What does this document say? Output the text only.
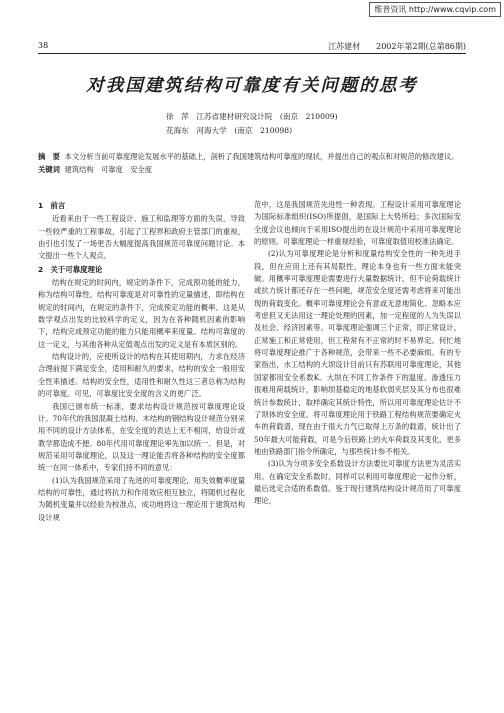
维普资讯 http://www.cqvip.com
38	江苏建材　　2002年第2期(总第86期)
对我国建筑结构可靠度有关问题的思考
徐　萍　江苏省建材研究设计院　(南京　210009)
花海东　河海大学　(南京　210098)
摘　要 本文分析当前可靠度理论发展水平的基础上，剖析了我国建筑结构可靠度的现状，并提出自己的观点和对规范的修改建议。
关键词 建筑结构　可靠度　安全度
1　前言

近看来由于一些工程设计、施工和监理等方面的失误，导致一些较严重的工程事故，引起了工程界和政府主管部门的重视，由引也引发了一场更否大幅度提高我国规范可靠度问题讨论。本文提出一些个人观点。

2　关于可靠度理论

结构在规定的时间内，规定的条件下，完成预功能的能力，称为结构可靠性。结构可靠度是对可靠性的定量描述，即结构在规定的时间内，在规定的条件下，完成预定功能的概率。这是从数学观点出发的比较科学的定义，因为在各种随机因素的影响下，结构完成预定功能的能力只能用概率来度量。结构可靠度的这一定义，与其他各种从定值观点出发的定义是有本质区别的。

结构设计的，应使所设计的结构在其使用期内，力求在经济合理前提下满足安全，适用和耐久的要求，结构的安全一般用安全性来描述。结构的安全性，适用性和耐久性这三者总称为结构的可靠度。可见，可靠度比安全度的含义的更广泛。

我国已颁布统一标准，要求结构设计规范按可靠度理论设计。70年代的我国混凝土结构、木结构的钢结构设计规范分别采用不同的设计方法体系，在安全度的表达上无不相同，给设计或教学都造成不便。80年代用可靠度理论率先加以统一。但是，对规范采用可靠度理论，以及这一理论能否将各种结构的安全度都统一在同一体系中，专家们持不同的意见：

(1)认为我国规范采用了先进的可靠度理论，用失效概率度量结构的可靠性，通过将抗力和作用效应相互独立，将随机过程化为随机变量并以经验为校准点，成功地将这一理论用于建筑结构设计规

范中，这是我国规范先进性一种表现。工程设计采用可靠度理论为国际标准组织(ISO)所提倡，是国际上大势所趋；多次国际安全度会议也倾向于采用ISO提出的在设计规范中采用可靠度理论的原则。可靠度理论一样重视经验，可靠度取值用校准法确定。

(2)认为可靠度理论是分析和度量结构安全性的一种先进手段，但在应用上还有其局限性，理论本身也有一些方面未能突破。用概率可靠度理论需要进行大量数据统计，但不论荷载统计或抗力统计都还存在一些问题，规范安全度还需考虑将来可能出现的荷载变化。概率可靠度理论会有意或无意地简化、忽略本应考虑但又无法用这一理论处理的因素，加一定程度的人为失误以及社会、经济因素等。可靠度理论强调三个正常，即正常设计，正常施工和正常使用，但工程常有不正常的时不易界定。何忙地将可靠度理论推广于各种规范，会带来一些不必要麻烦。有的专家指出，水工结构的大坝设计目前只有苏联用可靠度理论，其他国家都用安全系数K。大坝在不同工作条件下的温度、渗透压力很难用荷载统计，影响坝基稳定的地基软弱夹层及其分布也很难统计参数统计，取样确定其统计特性，所以用可靠度理论估计不了坝体的安全度。将可靠度理论用于铁路工程结构规范要确定火车的荷载谱，现在由于很大力气已取得上万条的载谱，统计出了50年最大可能荷载，可是今后铁路上的火车荷载及其变化，更多地由铁路部门指令所确定，与那些统计参不相关。

(3)认为分项多安全系数设计方法要比可靠度方法更为灵活实用。在确定安全系数时，同样可以利用可靠度理论一起作分析，最后选定合适的系数值。鉴于现行建筑结构设计规范用了可靠度理论，
